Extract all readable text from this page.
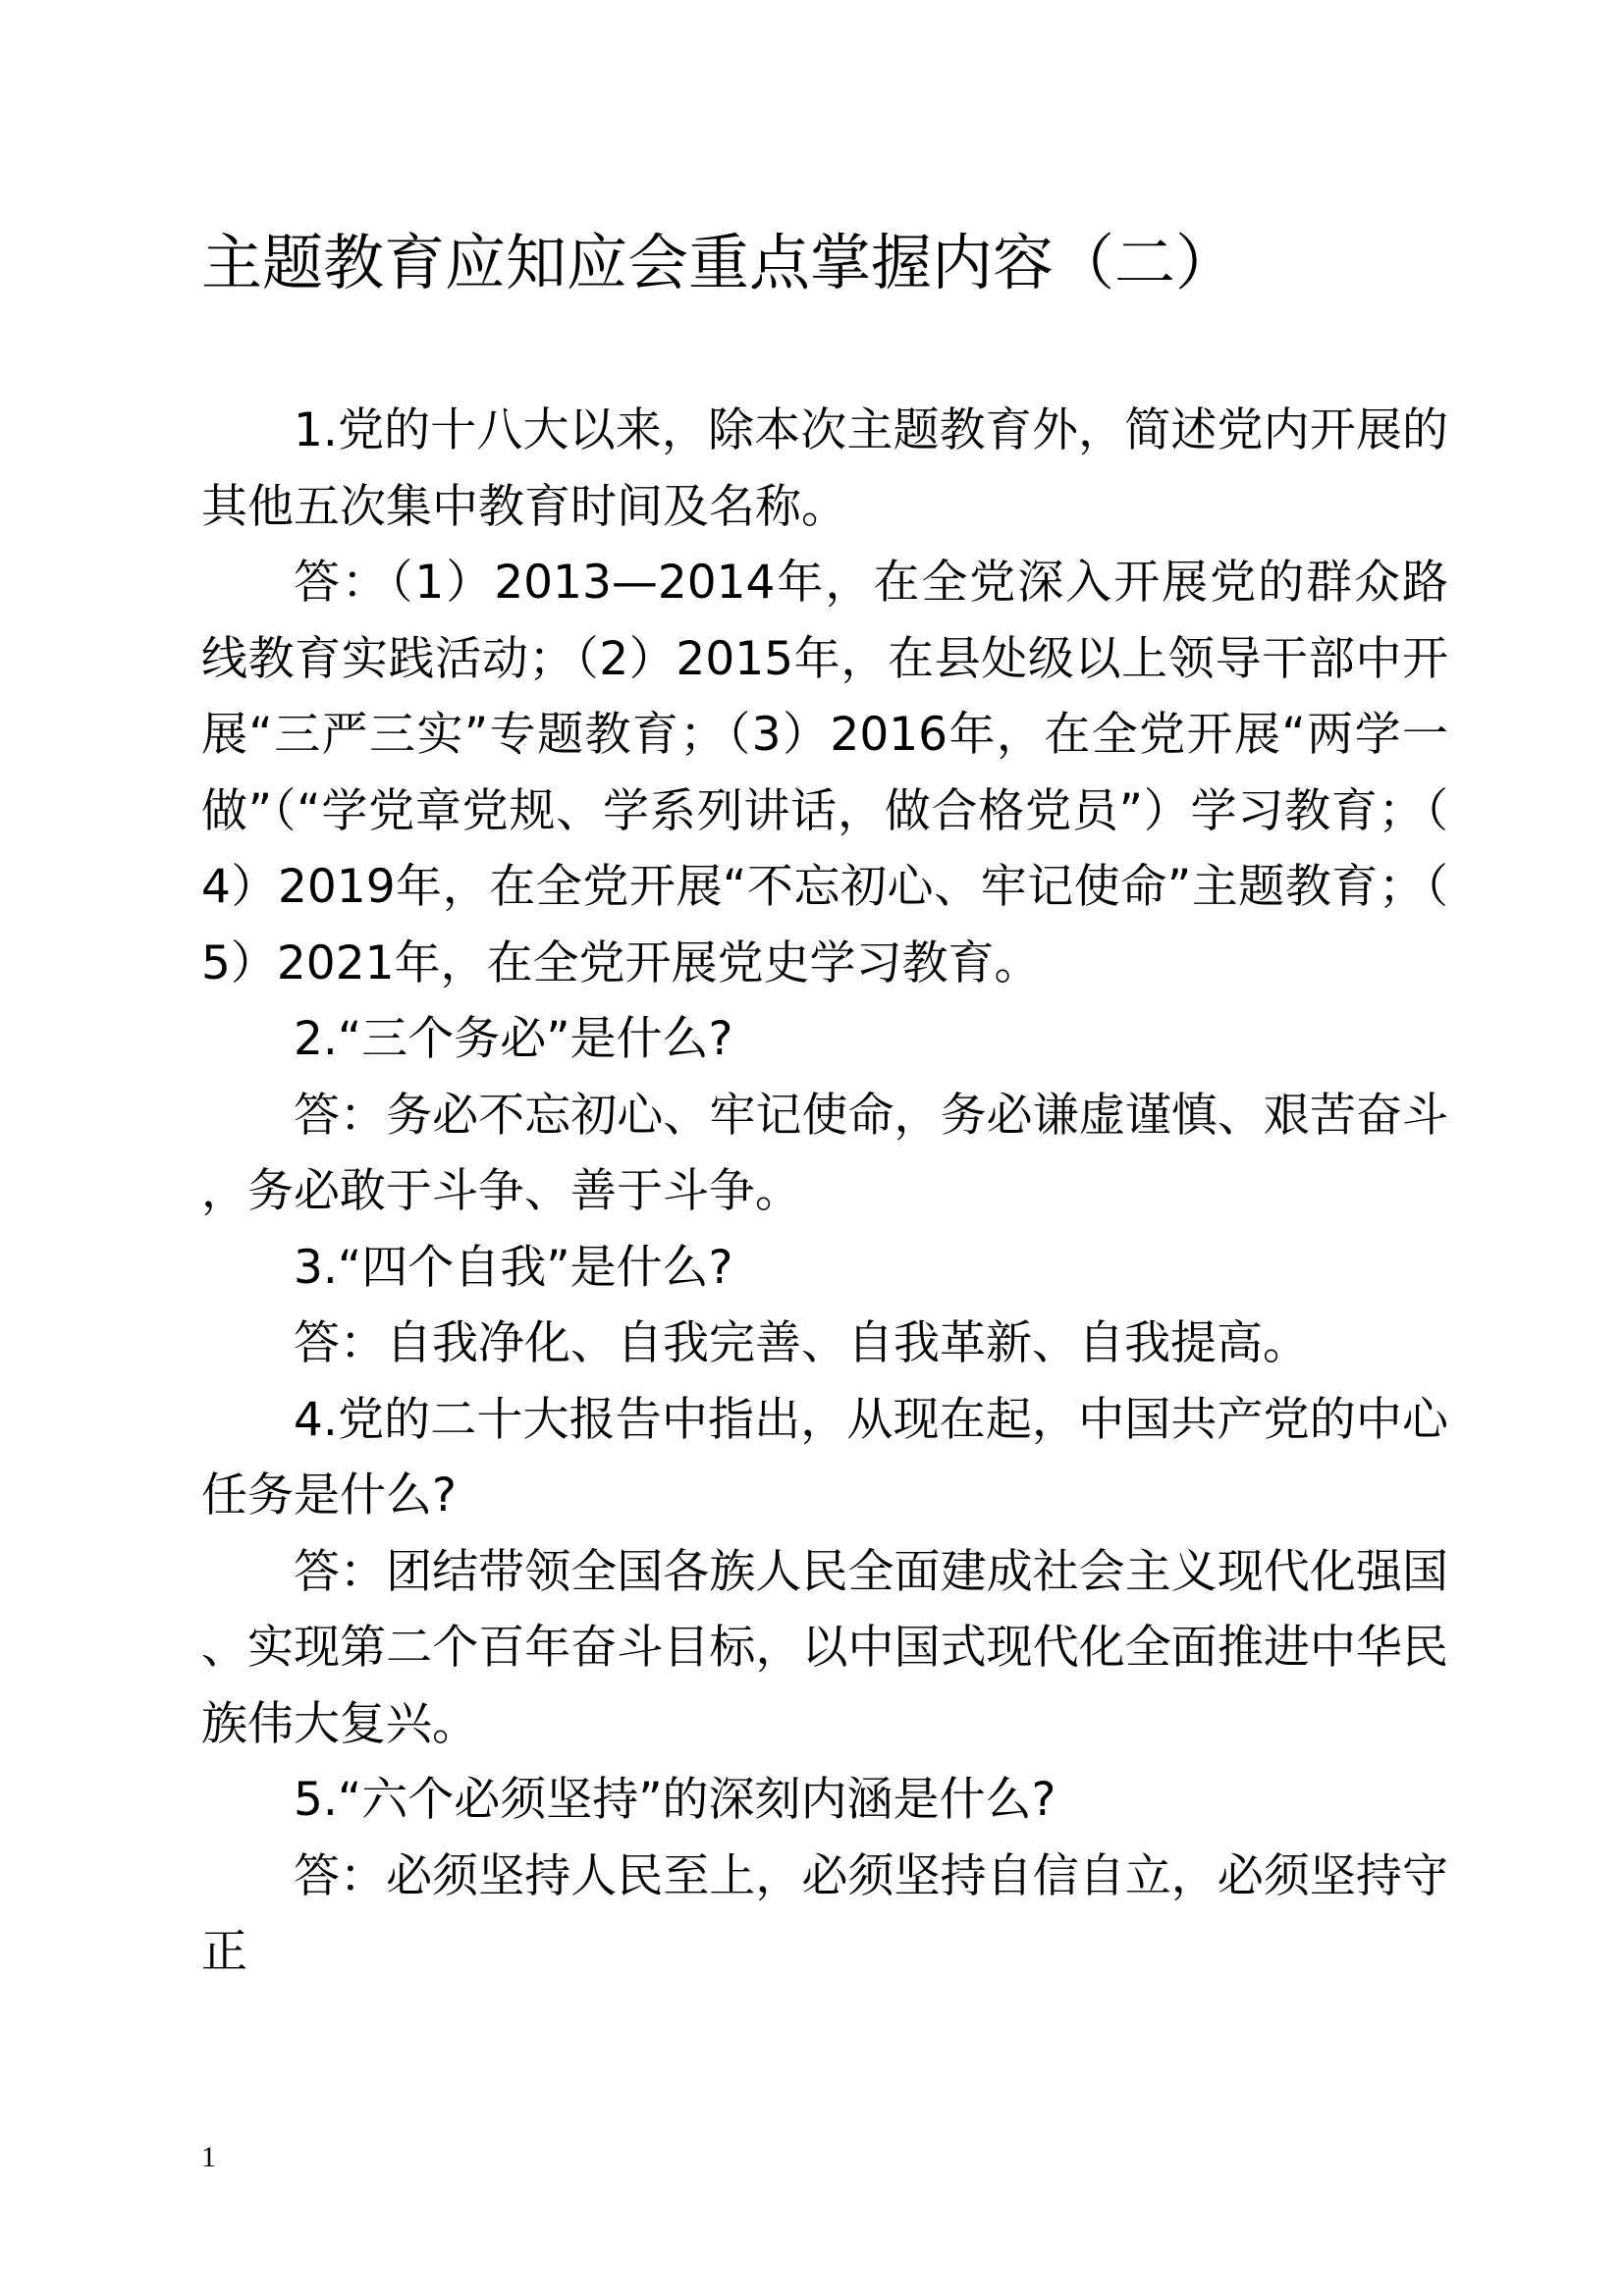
主题教育应知应会重点掌握内容（二）

1.党的十八大以来，除本次主题教育外，简述党内开展的其他五次集中教育时间及名称。

答：（1）2013—2014年，在全党深入开展党的群众路线教育实践活动；（2）2015年，在县处级以上领导干部中开展“三严三实”专题教育；（3）2016年，在全党开展“两学一做”（“学党章党规、学系列讲话，做合格党员”）学习教育；（4）2019年，在全党开展“不忘初心、牢记使命”主题教育；（5）2021年，在全党开展党史学习教育。

2.“三个务必”是什么?

答：务必不忘初心、牢记使命，务必谦虚谨慎、艰苦奋斗，务必敢于斗争、善于斗争。

3.“四个自我”是什么?

答：自我净化、自我完善、自我革新、自我提高。

4.党的二十大报告中指出，从现在起，中国共产党的中心任务是什么?

答：团结带领全国各族人民全面建成社会主义现代化强国、实现第二个百年奋斗目标，以中国式现代化全面推进中华民族伟大复兴。

5.“六个必须坚持”的深刻内涵是什么?

答：必须坚持人民至上，必须坚持自信自立，必须坚持守正

1
